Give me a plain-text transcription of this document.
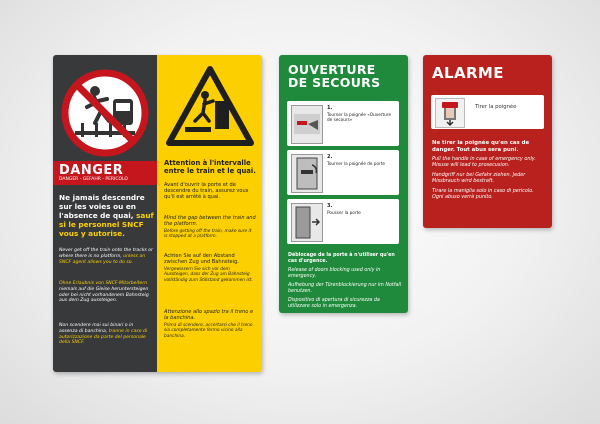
DANGER
DANGER - GEFAHR - PERICOLO
Ne jamais descendre sur les voies ou en l'absence de quai, sauf si le personnel SNCF vous y autorise.
Never get off the train onto the tracks or where there is no platform, unless an SNCF agent allows you to do so.
Ohne Erlaubnis von SNCF-Mitarbeitern niemals auf die Gleise heruntersteigen oder bei nicht vorhandenem Bahnsteig aus dem Zug aussteigen.
Non scendere mai sui binari o in assenza di banchina, tranne in caso di autorizzazione da parte del personale della SNCF.
Attention à l'intervalle entre le train et le quai.
Avant d'ouvrir la porte et de descendre du train, assurez vous qu'il est arrêté à quai.
Mind the gap between the train and the platform.
Before getting off the train, make sure it is stopped at a platform.
Achten Sie auf den Abstand zwischen Zug und Bahnsteig.
Vergewissern Sie sich vor dem Aussteigen, dass der Zug am Bahnsteig vollständig zum Stillstand gekommen ist.
Attenzione allo spazio tra il treno e la banchina.
Prima di scendere, accertarsi che il treno sia completamente fermo vicino alla banchina.
OUVERTURE
DE SECOURS
1.
Tourner la poignée «Ouverture de secours»
2.
Tourner la poignée de porte
3.
Pousser la porte
Déblocage de la porte à n'utiliser qu'en cas d'urgence.
Release of doors blocking used only in emergency.
Aufhebung der Türenblockierung nur im Notfall benutzen.
Dispositivo di apertura di sicurezza da utilizzare solo in emergenza.
ALARME
Tirer la poignée
Ne tirer la poignée qu'en cas de danger. Tout abus sera puni.
Pull the handle in case of emergency only. Misuse will lead to prosecusion.
Handgriff nur bei Gefahr ziehen. Jeder Missbrauch wird bestraft.
Tirare la maniglia solo in caso di pericolo. Ogni abuso verrà punito.
